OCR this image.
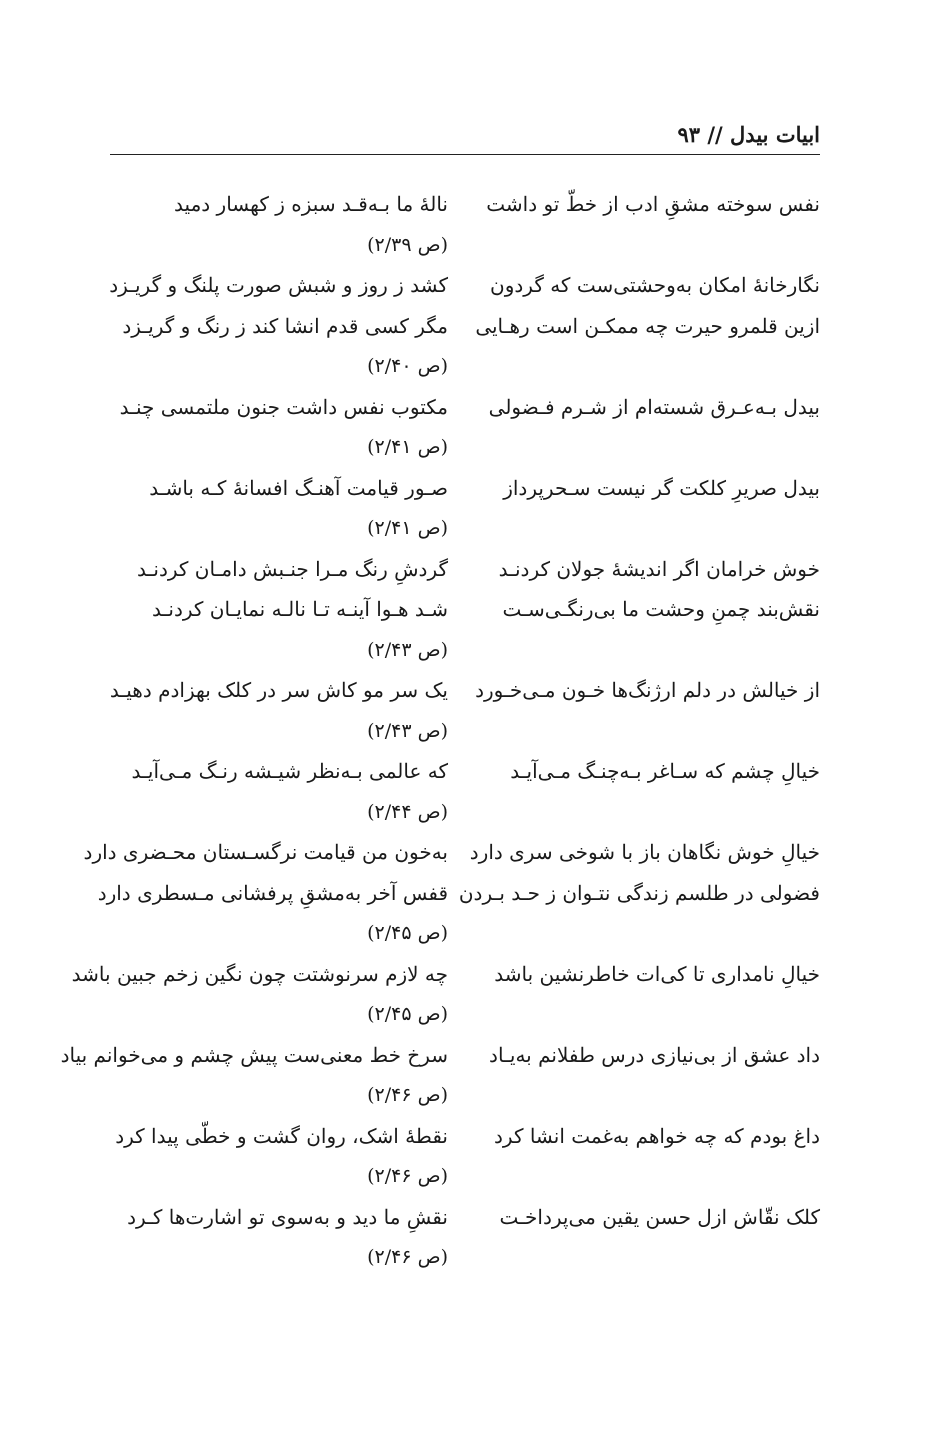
ابیات بیدل // ۹۳
نفس سوخته مشقِ ادب از خطّ تو داشت
نالۀ ما بـه‌قـد سبزه ز کهسار دمید
(ص ۲/۳۹)
نگارخانۀ امکان به‌وحشتی‌ست که گردون
کشد ز روز و شبش صورت پلنگ و گریـزد
ازین قلمرو حیرت چه ممکـن است رهـایی
مگر کسی قدم انشا کند ز رنگ و گریـزد
(ص ۲/۴۰)
بیدل بـه‌عـرق شسته‌ام از شـرم فـضولی
مکتوب نفس داشت جنون ملتمسی چنـد
(ص ۲/۴۱)
بیدل صریرِ کلکت گر نیست سـحرپرداز
صـور قیامت آهنـگ افسانۀ کـه باشـد
(ص ۲/۴۱)
خوش خرامان اگر اندیشۀ جولان کردنـد
گردشِ رنگ مـرا جنـبش دامـان کردنـد
نقش‌بند چمنِ وحشت ما بی‌رنگـی‌سـت
شـد هـوا آینـه تـا نالـه نمایـان کردنـد
(ص ۲/۴۳)
از خیالش در دلم ارژنگ‌ها خـون مـی‌خـورد
یک سر مو کاش سر در کلک بهزادم دهیـد
(ص ۲/۴۳)
خیالِ چشم که سـاغر بـه‌چنـگ مـی‌آیـد
که عالمی بـه‌نظر شیـشه رنـگ مـی‌آیـد
(ص ۲/۴۴)
خیالِ خوش نگاهان باز با شوخی سری دارد
به‌خون من قیامت نرگسـستان محـضری دارد
فضولی در طلسم زندگی نتـوان ز حـد بـردن
قفس آخر به‌مشقِ پرفشانی مـسطری دارد
(ص ۲/۴۵)
خیالِ نامداری تا کی‌ات خاطرنشین باشد
چه لازم سرنوشتت چون نگین زخم جبین باشد
(ص ۲/۴۵)
داد عشق از بی‌نیازی درس طفلانم به‌یـاد
سرخ خط معنی‌ست پیش چشم و می‌خوانم بیاد
(ص ۲/۴۶)
داغ بودم که چه خواهم به‌غمت انشا کرد
نقطۀ اشک، روان گشت و خطّی پیدا کرد
(ص ۲/۴۶)
کلک نقّاش ازل حسن یقین می‌پرداخـت
نقشِ ما دید و به‌سوی تو اشارت‌ها کـرد
(ص ۲/۴۶)
